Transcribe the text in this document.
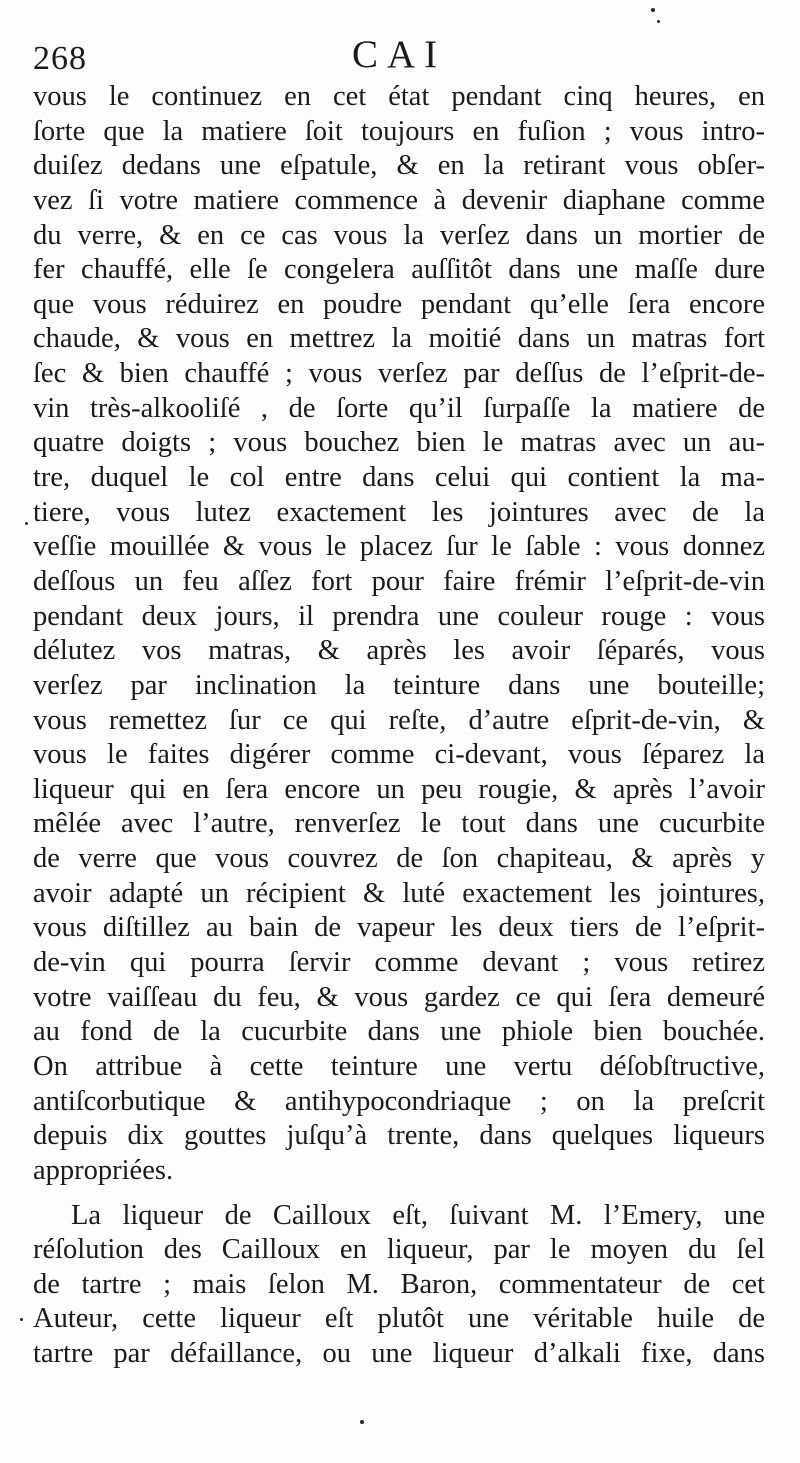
268	CAI
vous le continuez en cet état pendant cinq heures, en
ſorte que la matiere ſoit toujours en fuſion ; vous intro-
duiſez dedans une eſpatule, & en la retirant vous obſer-
vez ſi votre matiere commence à devenir diaphane comme
du verre, & en ce cas vous la verſez dans un mortier de
fer chauffé, elle ſe congelera auſſitôt dans une maſſe dure
que vous réduirez en poudre pendant qu’elle ſera encore
chaude, & vous en mettrez la moitié dans un matras fort
ſec & bien chauffé ; vous verſez par deſſus de l’eſprit-de-
vin très-alkooliſé , de ſorte qu’il ſurpaſſe la matiere de
quatre doigts ; vous bouchez bien le matras avec un au-
tre, duquel le col entre dans celui qui contient la ma-
tiere, vous lutez exactement les jointures avec de la
veſſie mouillée & vous le placez ſur le ſable : vous donnez
deſſous un feu aſſez fort pour faire frémir l’eſprit-de-vin
pendant deux jours, il prendra une couleur rouge : vous
délutez vos matras, & après les avoir ſéparés, vous
verſez par inclination la teinture dans une bouteille;
vous remettez ſur ce qui reſte, d’autre eſprit-de-vin, &
vous le faites digérer comme ci-devant, vous ſéparez la
liqueur qui en ſera encore un peu rougie, & après l’avoir
mêlée avec l’autre, renverſez le tout dans une cucurbite
de verre que vous couvrez de ſon chapiteau, & après y
avoir adapté un récipient & luté exactement les jointures,
vous diſtillez au bain de vapeur les deux tiers de l’eſprit-
de-vin qui pourra ſervir comme devant ; vous retirez
votre vaiſſeau du feu, & vous gardez ce qui ſera demeuré
au fond de la cucurbite dans une phiole bien bouchée.
On attribue à cette teinture une vertu déſobſtructive,
antiſcorbutique & antihypocondriaque ; on la preſcrit
depuis dix gouttes juſqu’à trente, dans quelques liqueurs
appropriées.
La liqueur de Cailloux eſt, ſuivant M. l’Emery, une
réſolution des Cailloux en liqueur, par le moyen du ſel
de tartre ; mais ſelon M. Baron, commentateur de cet
Auteur, cette liqueur eſt plutôt une véritable huile de
tartre par défaillance, ou une liqueur d’alkali fixe, dans
